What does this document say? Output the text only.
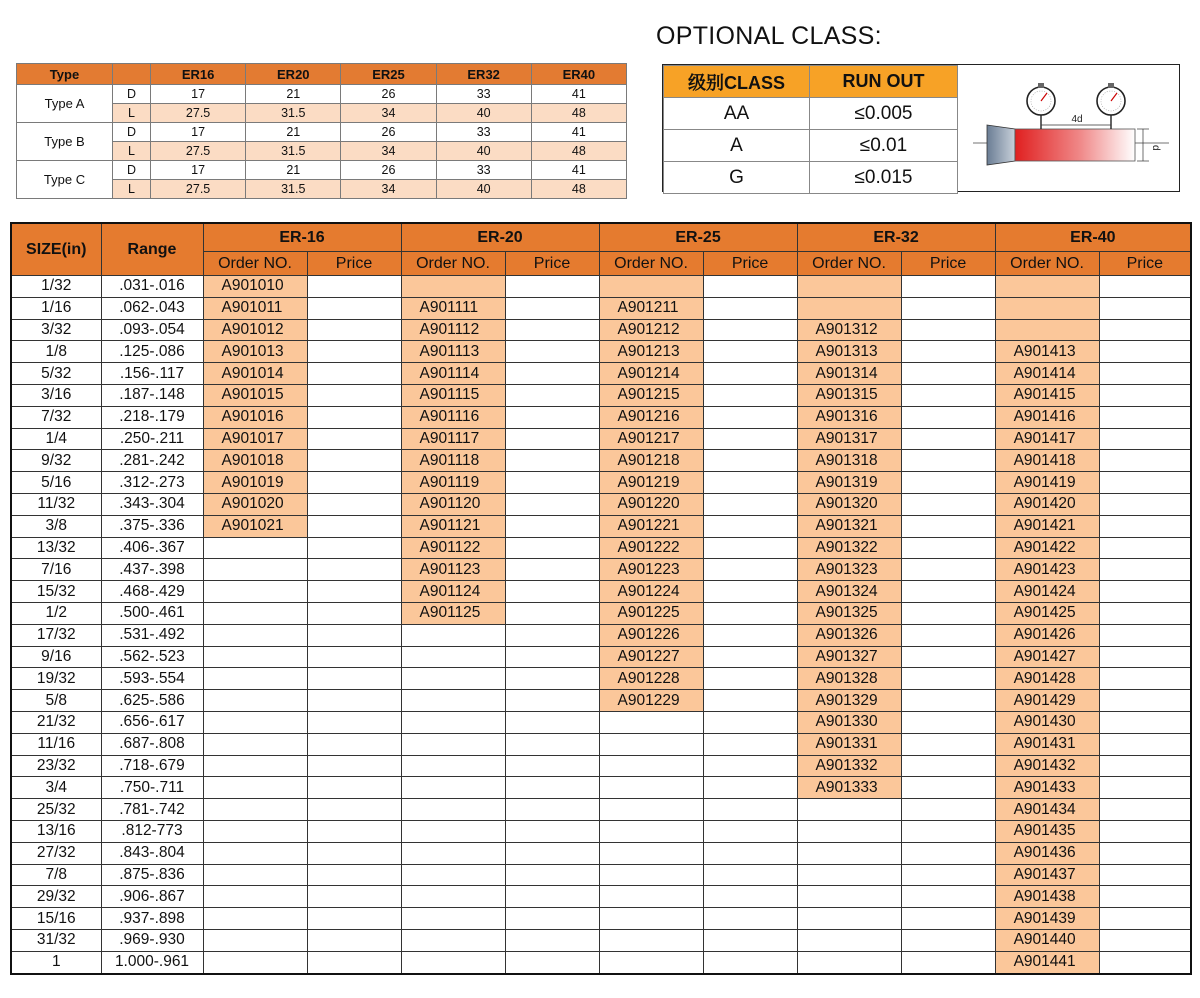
Type		ER16	ER20	ER25	ER32	ER40
Type A	D	17	21	26	33	41
	L	27.5	31.5	34	40	48
Type B	D	17	21	26	33	41
	L	27.5	31.5	34	40	48
Type C	D	17	21	26	33	41
	L	27.5	31.5	34	40	48
OPTIONAL CLASS:
级别CLASS	RUN OUT
AA	≤0.005
A	≤0.01
G	≤0.015
4d
d
SIZE(in)	Range	ER-16		ER-20		ER-25		ER-32		ER-40	
		Order NO.	Price	Order NO.	Price	Order NO.	Price	Order NO.	Price	Order NO.	Price
1/32	.031-.016	A901010									
1/16	.062-.043	A901011		A901111		A901211					
3/32	.093-.054	A901012		A901112		A901212		A901312			
1/8	.125-.086	A901013		A901113		A901213		A901313		A901413	
5/32	.156-.117	A901014		A901114		A901214		A901314		A901414	
3/16	.187-.148	A901015		A901115		A901215		A901315		A901415	
7/32	.218-.179	A901016		A901116		A901216		A901316		A901416	
1/4	.250-.211	A901017		A901117		A901217		A901317		A901417	
9/32	.281-.242	A901018		A901118		A901218		A901318		A901418	
5/16	.312-.273	A901019		A901119		A901219		A901319		A901419	
11/32	.343-.304	A901020		A901120		A901220		A901320		A901420	
3/8	.375-.336	A901021		A901121		A901221		A901321		A901421	
13/32	.406-.367			A901122		A901222		A901322		A901422	
7/16	.437-.398			A901123		A901223		A901323		A901423	
15/32	.468-.429			A901124		A901224		A901324		A901424	
1/2	.500-.461			A901125		A901225		A901325		A901425	
17/32	.531-.492					A901226		A901326		A901426	
9/16	.562-.523					A901227		A901327		A901427	
19/32	.593-.554					A901228		A901328		A901428	
5/8	.625-.586					A901229		A901329		A901429	
21/32	.656-.617							A901330		A901430	
11/16	.687-.808							A901331		A901431	
23/32	.718-.679							A901332		A901432	
3/4	.750-.711							A901333		A901433	
25/32	.781-.742									A901434	
13/16	.812-773									A901435	
27/32	.843-.804									A901436	
7/8	.875-.836									A901437	
29/32	.906-.867									A901438	
15/16	.937-.898									A901439	
31/32	.969-.930									A901440	
1	1.000-.961									A901441	
